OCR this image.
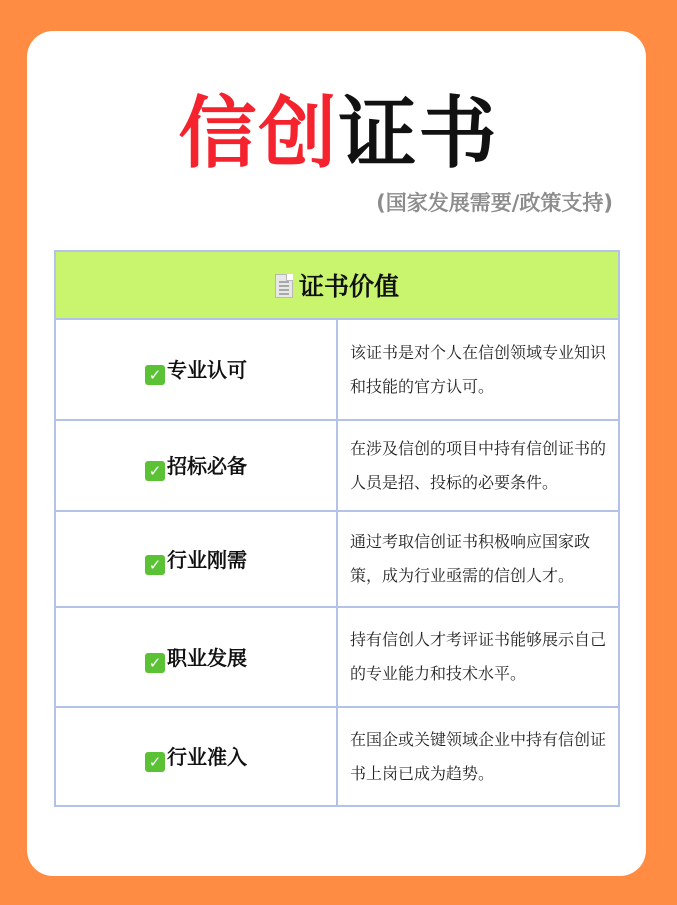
信创证书
(国家发展需要/政策支持)
证书价值	
✓ 专业认可	该证书是对个人在信创领域专业知识和技能的官方认可。
✓ 招标必备	在涉及信创的项目中持有信创证书的人员是招、投标的必要条件。
✓ 行业刚需	通过考取信创证书积极响应国家政策，成为行业亟需的信创人才。
✓ 职业发展	持有信创人才考评证书能够展示自己的专业能力和技术水平。
✓ 行业准入	在国企或关键领域企业中持有信创证书上岗已成为趋势。
